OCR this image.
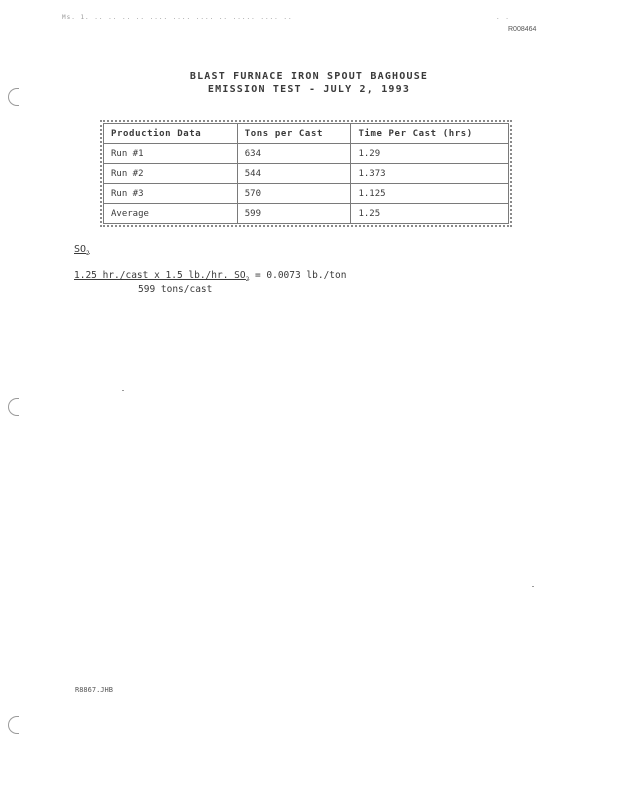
Ms. 1. .. .. .. .. .... .... .... .. ..... .... ..	. .
R008464
BLAST FURNACE IRON SPOUT BAGHOUSE
EMISSION TEST - JULY 2, 1993
Production Data	Tons per Cast	Time Per Cast (hrs)
Run #1	634	1.29
Run #2	544	1.373
Run #3	570	1.125
Average	599	1.25
$SO_2$
1.25 hr./cast x 1.5 lb./hr. $SO_2 = 0.0073$ lb./ton
599 tons/cast
R8867.JHB
